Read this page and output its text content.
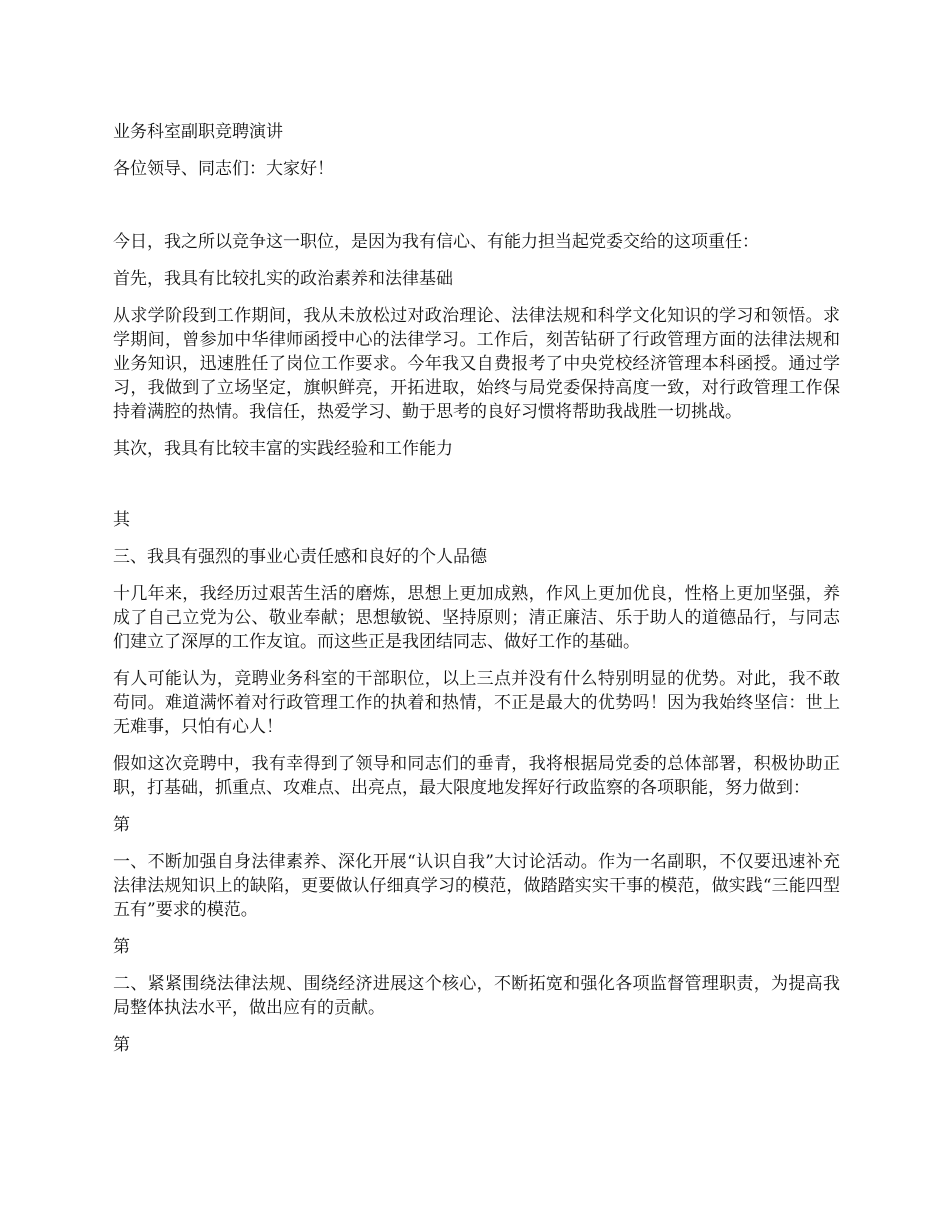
业务科室副职竞聘演讲

各位领导、同志们：大家好！

今日，我之所以竞争这一职位，是因为我有信心、有能力担当起党委交给的这项重任：

首先，我具有比较扎实的政治素养和法律基础

从求学阶段到工作期间，我从未放松过对政治理论、法律法规和科学文化知识的学习和领悟。求学期间，曾参加中华律师函授中心的法律学习。工作后，刻苦钻研了行政管理方面的法律法规和业务知识，迅速胜任了岗位工作要求。今年我又自费报考了中央党校经济管理本科函授。通过学习，我做到了立场坚定，旗帜鲜亮，开拓进取，始终与局党委保持高度一致，对行政管理工作保持着满腔的热情。我信任，热爱学习、勤于思考的良好习惯将帮助我战胜一切挑战。

其次，我具有比较丰富的实践经验和工作能力

其

三、我具有强烈的事业心责任感和良好的个人品德

十几年来，我经历过艰苦生活的磨炼，思想上更加成熟，作风上更加优良，性格上更加坚强，养成了自己立党为公、敬业奉献；思想敏锐、坚持原则；清正廉洁、乐于助人的道德品行，与同志们建立了深厚的工作友谊。而这些正是我团结同志、做好工作的基础。

有人可能认为，竞聘业务科室的干部职位，以上三点并没有什么特别明显的优势。对此，我不敢苟同。难道满怀着对行政管理工作的执着和热情，不正是最大的优势吗！因为我始终坚信：世上无难事，只怕有心人！

假如这次竞聘中，我有幸得到了领导和同志们的垂青，我将根据局党委的总体部署，积极协助正职，打基础，抓重点、攻难点、出亮点，最大限度地发挥好行政监察的各项职能，努力做到：

第

一、不断加强自身法律素养、深化开展“认识自我”大讨论活动。作为一名副职，不仅要迅速补充法律法规知识上的缺陷，更要做认仔细真学习的模范，做踏踏实实干事的模范，做实践“三能四型五有”要求的模范。

第

二、紧紧围绕法律法规、围绕经济进展这个核心，不断拓宽和强化各项监督管理职责，为提高我局整体执法水平，做出应有的贡献。

第
